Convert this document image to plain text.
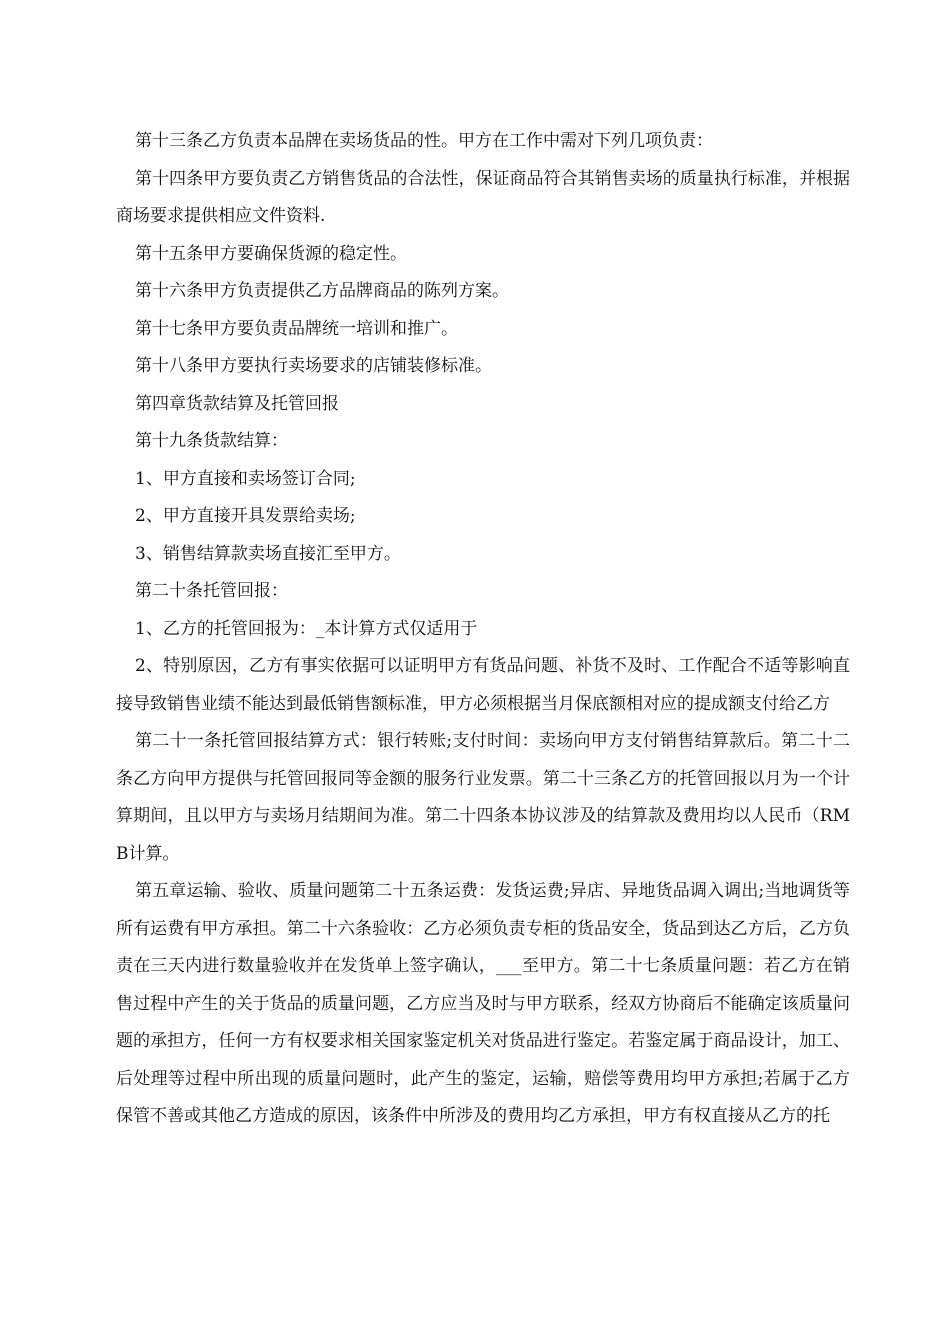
第十三条乙方负责本品牌在卖场货品的性。甲方在工作中需对下列几项负责：

第十四条甲方要负责乙方销售货品的合法性，保证商品符合其销售卖场的质量执行标准，并根据商场要求提供相应文件资料.

第十五条甲方要确保货源的稳定性。

第十六条甲方负责提供乙方品牌商品的陈列方案。

第十七条甲方要负责品牌统一培训和推广。

第十八条甲方要执行卖场要求的店铺装修标准。

第四章货款结算及托管回报

第十九条货款结算：

1、甲方直接和卖场签订合同;

2、甲方直接开具发票给卖场;

3、销售结算款卖场直接汇至甲方。

第二十条托管回报：

1、乙方的托管回报为：_本计算方式仅适用于

2、特别原因，乙方有事实依据可以证明甲方有货品问题、补货不及时、工作配合不适等影响直接导致销售业绩不能达到最低销售额标准，甲方必须根据当月保底额相对应的提成额支付给乙方

第二十一条托管回报结算方式：银行转账;支付时间：卖场向甲方支付销售结算款后。第二十二条乙方向甲方提供与托管回报同等金额的服务行业发票。第二十三条乙方的托管回报以月为一个计算期间，且以甲方与卖场月结期间为准。第二十四条本协议涉及的结算款及费用均以人民币（RMB计算。

第五章运输、验收、质量问题第二十五条运费：发货运费;异店、异地货品调入调出;当地调货等所有运费有甲方承担。第二十六条验收：乙方必须负责专柜的货品安全，货品到达乙方后，乙方负责在三天内进行数量验收并在发货单上签字确认，___至甲方。第二十七条质量问题：若乙方在销售过程中产生的关于货品的质量问题，乙方应当及时与甲方联系，经双方协商后不能确定该质量问题的承担方，任何一方有权要求相关国家鉴定机关对货品进行鉴定。若鉴定属于商品设计，加工、后处理等过程中所出现的质量问题时，此产生的鉴定，运输，赔偿等费用均甲方承担;若属于乙方保管不善或其他乙方造成的原因，该条件中所涉及的费用均乙方承担，甲方有权直接从乙方的托
